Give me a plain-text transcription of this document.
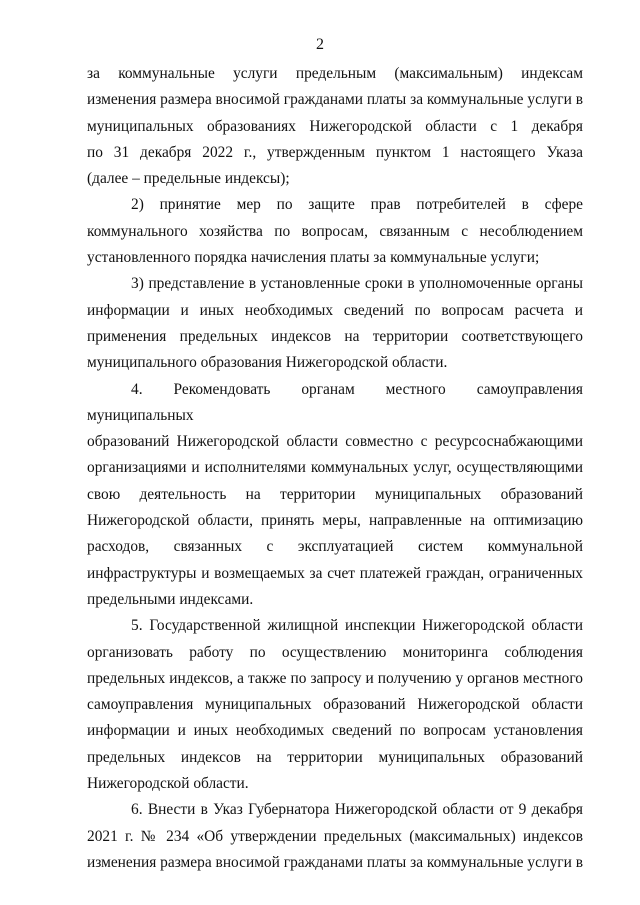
2

за коммунальные услуги предельным (максимальным) индексам

изменения размера вносимой гражданами платы за коммунальные услуги в

муниципальных образованиях Нижегородской области с 1 декабря

по 31 декабря 2022 г., утвержденным пунктом 1 настоящего Указа

(далее – предельные индексы);

2) принятие мер по защите прав потребителей в сфере

коммунального хозяйства по вопросам, связанным с несоблюдением

установленного порядка начисления платы за коммунальные услуги;

3) представление в установленные сроки в уполномоченные органы

информации и иных необходимых сведений по вопросам расчета и

применения предельных индексов на территории соответствующего

муниципального образования Нижегородской области.

4. Рекомендовать органам местного самоуправления муниципальных

образований Нижегородской области совместно с ресурсоснабжающими

организациями и исполнителями коммунальных услуг, осуществляющими

свою деятельность на территории муниципальных образований

Нижегородской области, принять меры, направленные на оптимизацию

расходов, связанных с эксплуатацией систем коммунальной

инфраструктуры и возмещаемых за счет платежей граждан, ограниченных

предельными индексами.

5. Государственной жилищной инспекции Нижегородской области

организовать работу по осуществлению мониторинга соблюдения

предельных индексов, а также по запросу и получению у органов местного

самоуправления муниципальных образований Нижегородской области

информации и иных необходимых сведений по вопросам установления

предельных индексов на территории муниципальных образований

Нижегородской области.

6. Внести в Указ Губернатора Нижегородской области от 9 декабря

2021 г. № 234 «Об утверждении предельных (максимальных) индексов

изменения размера вносимой гражданами платы за коммунальные услуги в
